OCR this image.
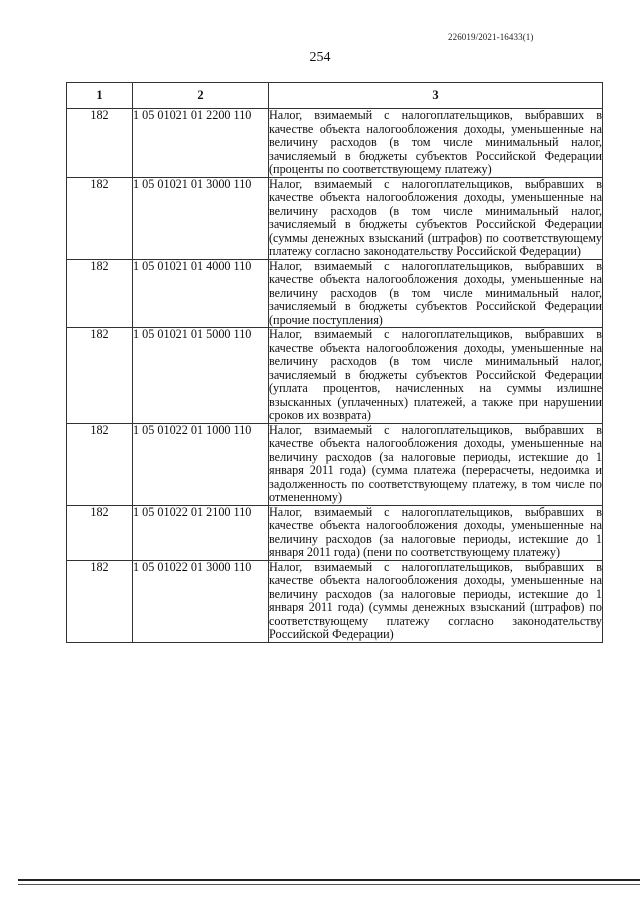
226019/2021-16433(1)
254
1	2	3
182	1 05 01021 01 2200 110	Налог, взимаемый с налогоплательщиков, выбравших в качестве объекта налогообложения доходы, уменьшенные на величину расходов (в том числе минимальный налог, зачисляемый в бюджеты субъектов Российской Федерации (проценты по соответствующему платежу)
182	1 05 01021 01 3000 110	Налог, взимаемый с налогоплательщиков, выбравших в качестве объекта налогообложения доходы, уменьшенные на величину расходов (в том числе минимальный налог, зачисляемый в бюджеты субъектов Российской Федерации (суммы денежных взысканий (штрафов) по соответствующему платежу согласно законодательству Российской Федерации)
182	1 05 01021 01 4000 110	Налог, взимаемый с налогоплательщиков, выбравших в качестве объекта налогообложения доходы, уменьшенные на величину расходов (в том числе минимальный налог, зачисляемый в бюджеты субъектов Российской Федерации (прочие поступления)
182	1 05 01021 01 5000 110	Налог, взимаемый с налогоплательщиков, выбравших в качестве объекта налогообложения доходы, уменьшенные на величину расходов (в том числе минимальный налог, зачисляемый в бюджеты субъектов Российской Федерации (уплата процентов, начисленных на суммы излишне взысканных (уплаченных) платежей, а также при нарушении сроков их возврата)
182	1 05 01022 01 1000 110	Налог, взимаемый с налогоплательщиков, выбравших в качестве объекта налогообложения доходы, уменьшенные на величину расходов (за налоговые периоды, истекшие до 1 января 2011 года) (сумма платежа (перерасчеты, недоимка и задолженность по соответствующему платежу, в том числе по отмененному)
182	1 05 01022 01 2100 110	Налог, взимаемый с налогоплательщиков, выбравших в качестве объекта налогообложения доходы, уменьшенные на величину расходов (за налоговые периоды, истекшие до 1 января 2011 года) (пени по соответствующему платежу)
182	1 05 01022 01 3000 110	Налог, взимаемый с налогоплательщиков, выбравших в качестве объекта налогообложения доходы, уменьшенные на величину расходов (за налоговые периоды, истекшие до 1 января 2011 года) (суммы денежных взысканий (штрафов) по соответствующему платежу согласно законодательству Российской Федерации)
